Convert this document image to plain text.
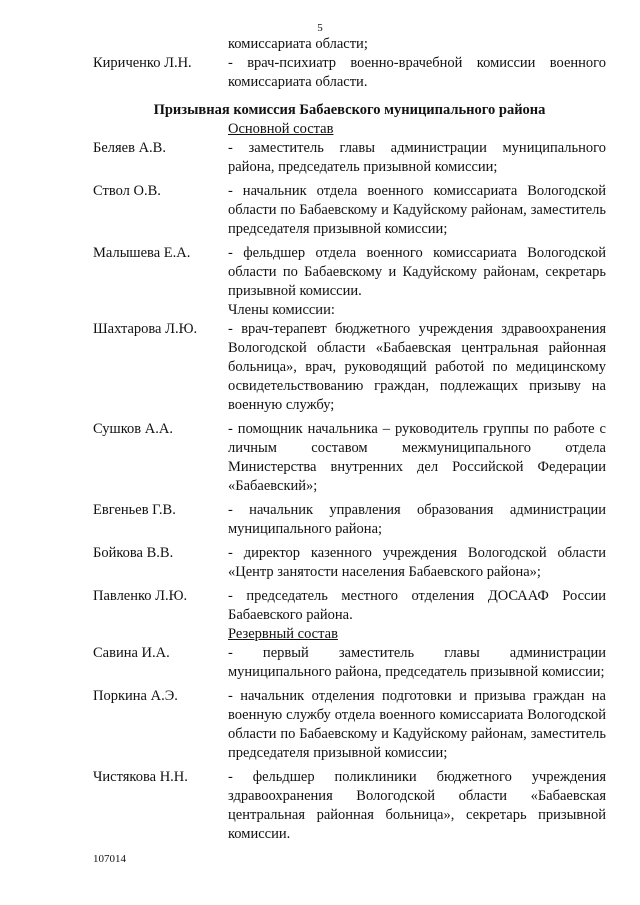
5
комиссариата области;
Кириченко Л.Н.	- врач-психиатр военно-врачебной комиссии военного комиссариата области.
Призывная комиссия Бабаевского муниципального района
Основной состав
Беляев А.В.	- заместитель главы администрации муниципального района, председатель призывной комиссии;
Ствол О.В.	- начальник отдела военного комиссариата Вологодской области по Бабаевскому и Кадуйскому районам, заместитель председателя призывной комиссии;
Малышева Е.А.	- фельдшер отдела военного комиссариата Вологодской области по Бабаевскому и Кадуйскому районам, секретарь призывной комиссии.
Члены комиссии:
Шахтарова Л.Ю.	- врач-терапевт бюджетного учреждения здравоохранения Вологодской области «Бабаевская центральная районная больница», врач, руководящий работой по медицинскому освидетельствованию граждан, подлежащих призыву на военную службу;
Сушков А.А.	- помощник начальника – руководитель группы по работе с личным составом межмуниципального отдела Министерства внутренних дел Российской Федерации «Бабаевский»;
Евгеньев Г.В.	- начальник управления образования администрации муниципального района;
Бойкова В.В.	- директор казенного учреждения Вологодской области «Центр занятости населения Бабаевского района»;
Павленко Л.Ю.	- председатель местного отделения ДОСААФ России Бабаевского района.
Резервный состав
Савина И.А.	- первый заместитель главы администрации муниципального района, председатель призывной комиссии;
Поркина А.Э.	- начальник отделения подготовки и призыва граждан на военную службу отдела военного комиссариата Вологодской области по Бабаевскому и Кадуйскому районам, заместитель председателя призывной комиссии;
Чистякова Н.Н.	- фельдшер поликлиники бюджетного учреждения здравоохранения Вологодской области «Бабаевская центральная районная больница», секретарь призывной комиссии.
107014
